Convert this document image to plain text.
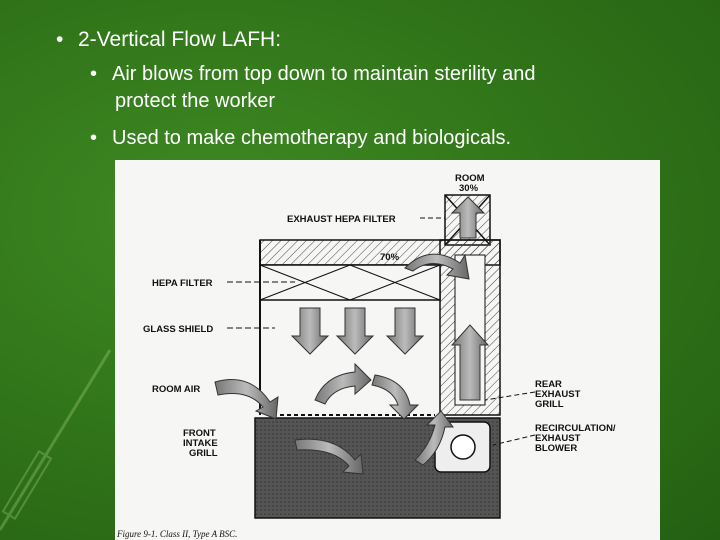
• 2-Vertical Flow LAFH:
• Air blows from top down to maintain sterility and
protect the worker
• Used to make chemotherapy and biologicals.
ROOM
30%
EXHAUST HEPA FILTER
70%
HEPA FILTER
GLASS SHIELD
ROOM AIR
FRONT
INTAKE
GRILL
REAR
EXHAUST
GRILL
RECIRCULATION/
EXHAUST
BLOWER
Figure 9-1. Class II, Type A BSC.
